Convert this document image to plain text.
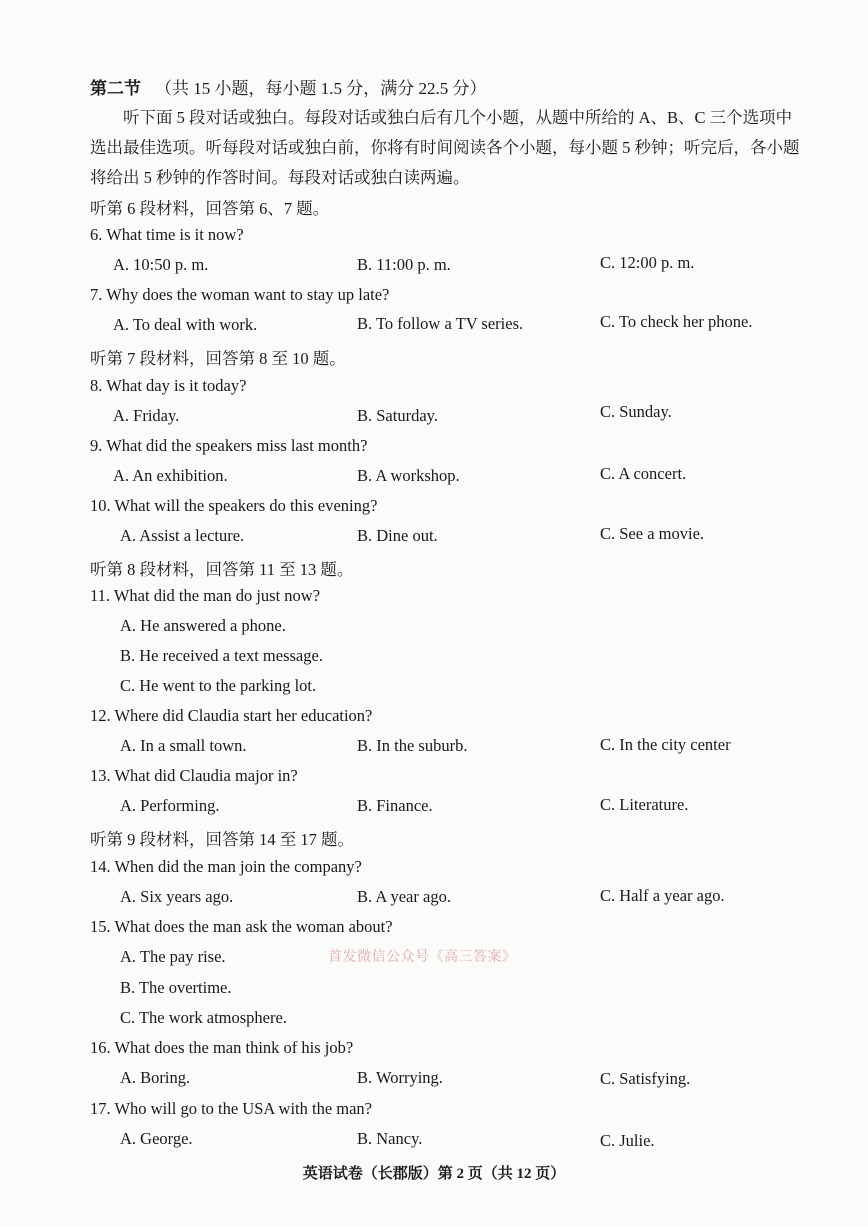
第二节 （共 15 小题，每小题 1.5 分，满分 22.5 分）
听下面 5 段对话或独白。每段对话或独白后有几个小题，从题中所给的 A、B、C 三个选项中
选出最佳选项。听每段对话或独白前，你将有时间阅读各个小题，每小题 5 秒钟；听完后，各小题
将给出 5 秒钟的作答时间。每段对话或独白读两遍。
听第 6 段材料，回答第 6、7 题。
6. What time is it now?
A. 10:50 p. m.	B. 11:00 p. m.	C. 12:00 p. m.
7. Why does the woman want to stay up late?
A. To deal with work.	B. To follow a TV series.	C. To check her phone.
听第 7 段材料，回答第 8 至 10 题。
8. What day is it today?
A. Friday.	B. Saturday.	C. Sunday.
9. What did the speakers miss last month?
A. An exhibition.	B. A workshop.	C. A concert.
10. What will the speakers do this evening?
A. Assist a lecture.	B. Dine out.	C. See a movie.
听第 8 段材料，回答第 11 至 13 题。
11. What did the man do just now?
A. He answered a phone.
B. He received a text message.
C. He went to the parking lot.
12. Where did Claudia start her education?
A. In a small town.	B. In the suburb.	C. In the city center
13. What did Claudia major in?
A. Performing.	B. Finance.	C. Literature.
听第 9 段材料，回答第 14 至 17 题。
14. When did the man join the company?
A. Six years ago.	B. A year ago.	C. Half a year ago.
15. What does the man ask the woman about?
A. The pay rise.
B. The overtime.
C. The work atmosphere.
首发微信公众号《高三答案》
16. What does the man think of his job?
A. Boring.	B. Worrying.	C. Satisfying.
17. Who will go to the USA with the man?
A. George.	B. Nancy.	C. Julie.
英语试卷（长郡版）第 2 页（共 12 页）
